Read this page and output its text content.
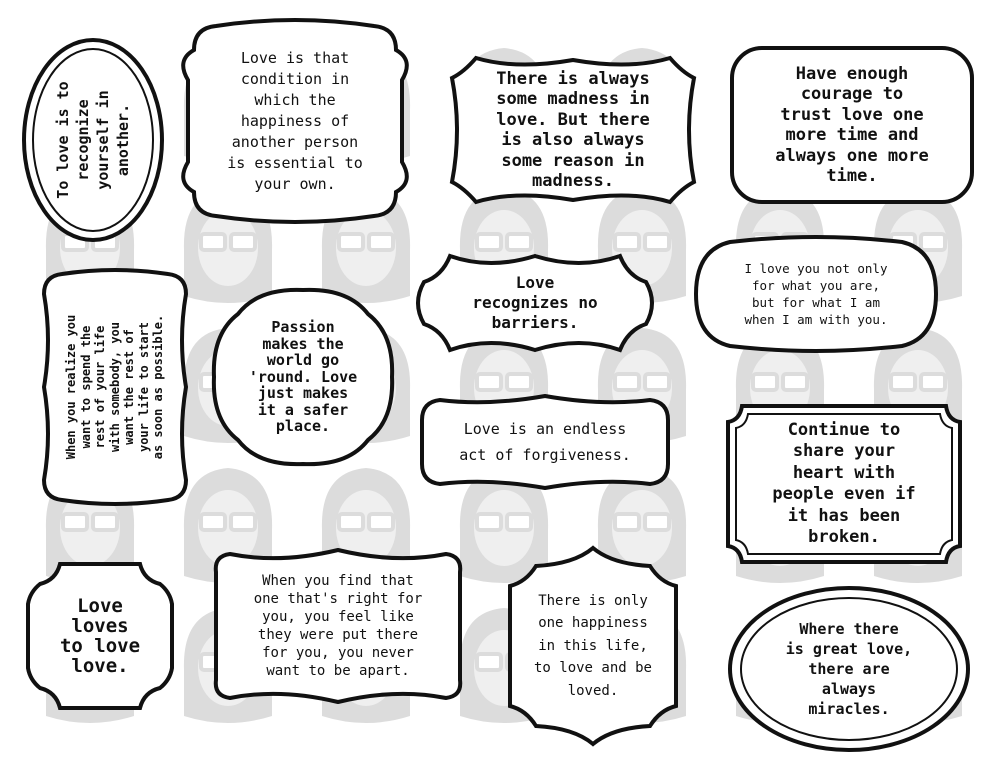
To love is to
recognize
yourself in
another.
Love is that
condition in
which the
happiness of
another person
is essential to
your own.
There is always
some madness in
love. But there
is also always
some reason in
madness.
Have enough
courage to
trust love one
more time and
always one more
time.
When you realize you
want to spend the
rest of your life
with somebody, you
want the rest of
your life to start
as soon as possible.	Passion
makes the
world go
'round. Love
just makes
it a safer
place.
Love
recognizes no
barriers.
I love you not only
for what you are,
but for what I am
when I am with you.
Love is an endless
act of forgiveness.
Continue to
share your
heart with
people even if
it has been
broken.
Love
loves
to love
love.
When you find that
one that's right for
you, you feel like
they were put there
for you, you never
want to be apart.
There is only
one happiness
in this life,
to love and be
loved.
Where there
is great love,
there are
always
miracles.
